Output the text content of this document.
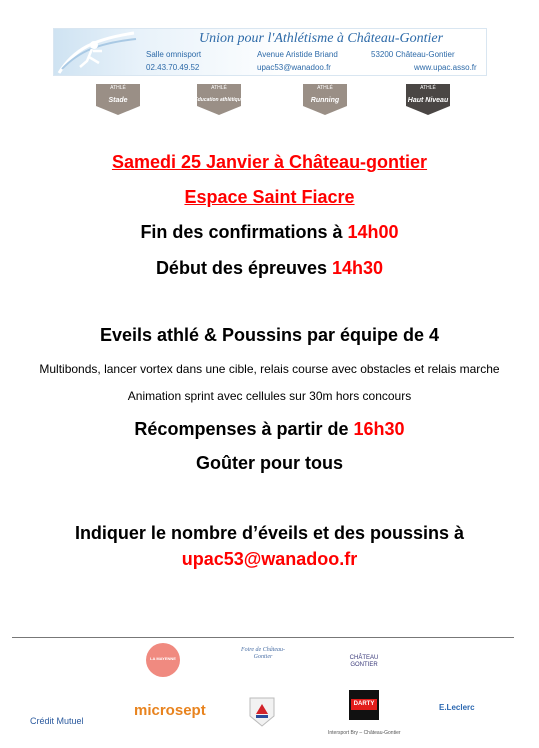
Union pour l'Athlétisme à Château-Gontier
Salle omnisport	Avenue Aristide Briand	53200 Château-Gontier
02.43.70.49.52	upac53@wanadoo.fr	www.upac.asso.fr
ATHLÉ
Stade
ATHLÉ
Education athlétique
ATHLÉ
Running
ATHLÉ
Haut Niveau
Samedi 25 Janvier à Château-gontier
Espace Saint Fiacre
Fin des confirmations à 14h00
Début des épreuves 14h30
Eveils athlé & Poussins par équipe de 4
Multibonds, lancer vortex dans une cible, relais course avec obstacles et relais marche
Animation sprint avec cellules sur 30m hors concours
Récompenses à partir de 16h30
Goûter pour tous
Indiquer le nombre d’éveils et des poussins à
upac53@wanadoo.fr
LA MAYENNE
Foire de Château-Gontier	CHÂTEAU GONTIER
Crédit Mutuel
microsept	DARTY	E.Leclerc
Intersport Bry – Château-Gontier
